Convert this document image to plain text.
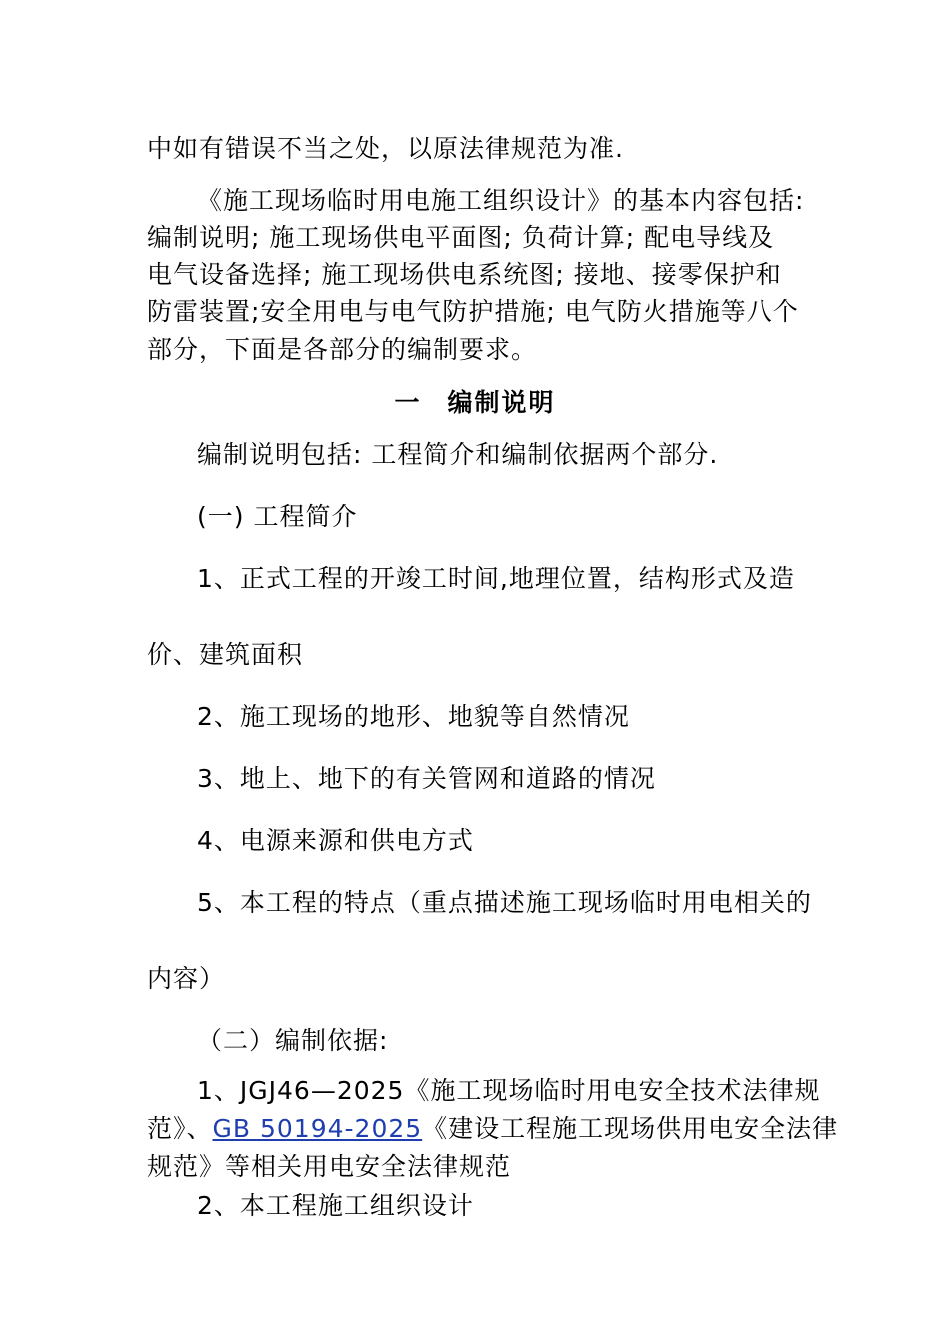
中如有错误不当之处，以原法律规范为准.
《施工现场临时用电施工组织设计》的基本内容包括:
编制说明; 施工现场供电平面图; 负荷计算; 配电导线及
电气设备选择; 施工现场供电系统图; 接地、接零保护和
防雷装置;安全用电与电气防护措施; 电气防火措施等八个
部分，下面是各部分的编制要求。
一 编制说明
编制说明包括: 工程简介和编制依据两个部分.
(一) 工程简介
1、正式工程的开竣工时间,地理位置，结构形式及造
价、建筑面积
2、施工现场的地形、地貌等自然情况
3、地上、地下的有关管网和道路的情况
4、电源来源和供电方式
5、本工程的特点（重点描述施工现场临时用电相关的
内容）
（二）编制依据:
1、JGJ46—2025《施工现场临时用电安全技术法律规
范》、GB 50194-2025《建设工程施工现场供用电安全法律
规范》等相关用电安全法律规范
2、本工程施工组织设计
